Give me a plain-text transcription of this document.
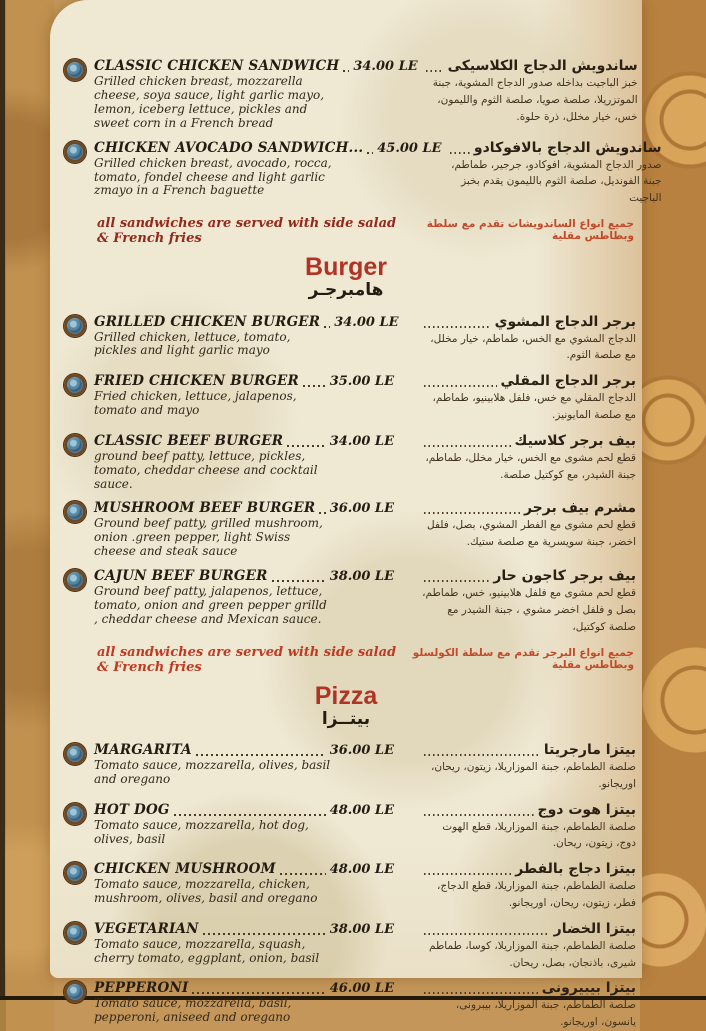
CLASSIC CHICKEN SANDWICH 34.00 LE
Grilled chicken breast, mozzarella cheese, soya sauce, light garlic mayo, lemon, iceberg lettuce, pickles and sweet corn in a French bread
ساندويش الدجاج الكلاسيكى
خبز الباجيت بداخله صدور الدجاج المشوية، جبنة الموتزريلا، صلصة صويا، صلصة الثوم والليمون، خس، خيار مخلل، ذرة حلوة.
CHICKEN AVOCADO SANDWICH... 45.00 LE
Grilled chicken breast, avocado, rocca, tomato, fondel cheese and light garlic zmayo in a French baguette
ساندويش الدجاج بالافوكادو
صدور الدجاج المشوية، افوكادو، جرجير، طماطم، جبنة الفونديل، صلصة الثوم بالليمون يقدم بخبز الباجيت
all sandwiches are served with side salad & French fries
جميع انواع الساندويشات تقدم مع سلطة وبطاطس مقلية
Burger
هامبرجـر
GRILLED CHICKEN BURGER 34.00 LE
Grilled chicken, lettuce, tomato, pickles and light garlic mayo
برجر الدجاج المشوي
الدجاج المشوي مع الخس، طماطم، خيار مخلل، مع صلصة الثوم.
FRIED CHICKEN BURGER 35.00 LE
Fried chicken, lettuce, jalapenos, tomato and mayo
برجر الدجاج المقلي
الدجاج المقلي مع خس، فلفل هلابينيو، طماطم، مع صلصة المايونيز.
CLASSIC BEEF BURGER	34.00 LE
ground beef patty, lettuce, pickles, tomato, cheddar cheese and cocktail sauce.
بيف برجر كلاسيك
قطع لحم مشوى مع الخس، خيار مخلل، طماطم، جبنة الشيدر، مع كوكتيل صلصة.
MUSHROOM BEEF BURGER 36.00 LE
Ground beef patty, grilled mushroom, onion .green pepper, light Swiss cheese and steak sauce
مشرم بيف برجر
قطع لحم مشوى مع الفطر المشوي، بصل، فلفل اخضر، جبنة سويسرية مع صلصة ستيك.
CAJUN BEEF BURGER	38.00 LE
Ground beef patty, jalapenos, lettuce, tomato, onion and green pepper grilld , cheddar cheese and Mexican sauce.
بيف برجر كاجون حار
قطع لحم مشوى مع فلفل هلابينيو، خس، طماطم، بصل و فلفل اخضر مشوي ، جبنة الشيدر مع صلصة كوكتيل،
all sandwiches are served with side salad & French fries
جميع انواع البرجر تقدم مع سلطة الكولسلو وبطاطس مقلية
Pizza
بيتــزا
MARGARITA	36.00 LE
Tomato sauce, mozzarella, olives, basil and oregano
بيتزا مارجريتا
صلصة الطماطم، جبنة الموزاريلا، زيتون، ريحان، اوريجانو.
HOT DOG	48.00 LE
Tomato sauce, mozzarella, hot dog, olives, basil
بيتزا هوت دوج
صلصة الطماطم، جبنة الموزاريلا، قطع الهوت دوج، زيتون، ريحان.
CHICKEN MUSHROOM	48.00 LE
Tomato sauce, mozzarella, chicken, mushroom, olives, basil and oregano
بيتزا دجاج بالفطر
صلصة الطماطم، جبنة الموزاريلا، قطع الدجاج، فطر، زيتون، ريحان، اوريجانو.
VEGETARIAN	38.00 LE
Tomato sauce, mozzarella, squash, cherry tomato, eggplant, onion, basil
بيتزا الخضار
صلصة الطماطم، جبنة الموزاريلا، كوسا، طماطم شيرى، باذنجان، بصل، ريحان.
PEPPERONI	46.00 LE
Tomato sauce, mozzarella, basil, pepperoni, aniseed and oregano
بيتزا بيبيرونى
صلصة الطماطم، جبنة الموزاريلا، بيبرونى، يانسون، اوريجانو.
